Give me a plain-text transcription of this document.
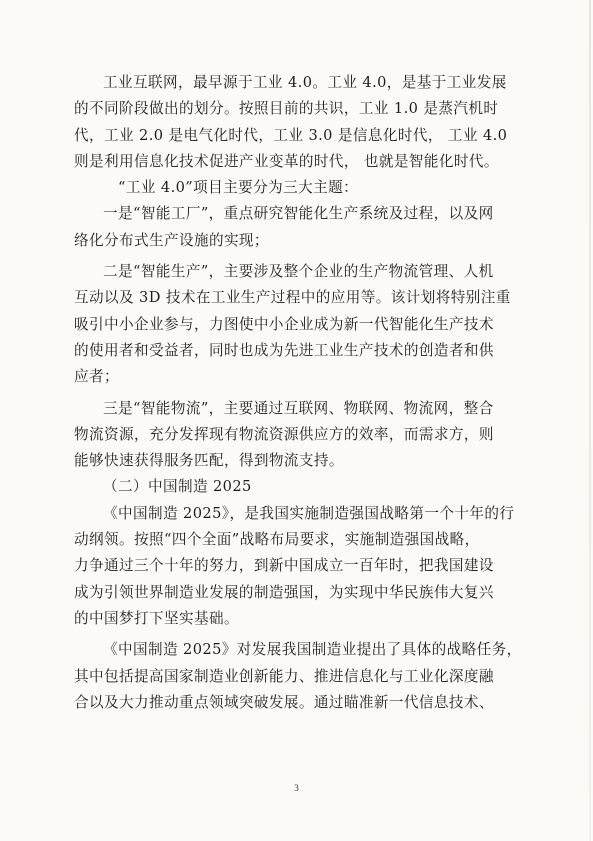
工业互联网，最早源于工业 4.0。工业 4.0，是基于工业发展
的不同阶段做出的划分。按照目前的共识，工业 1.0 是蒸汽机时
代，工业 2.0 是电气化时代，工业 3.0 是信息化时代， 工业 4.0
则是利用信息化技术促进产业变革的时代， 也就是智能化时代。
“工业 4.0”项目主要分为三大主题：
一是“智能工厂”，重点研究智能化生产系统及过程，以及网
络化分布式生产设施的实现；
二是“智能生产”，主要涉及整个企业的生产物流管理、人机
互动以及 3D 技术在工业生产过程中的应用等。该计划将特别注重
吸引中小企业参与，力图使中小企业成为新一代智能化生产技术
的使用者和受益者，同时也成为先进工业生产技术的创造者和供
应者；
三是“智能物流”，主要通过互联网、物联网、物流网，整合
物流资源，充分发挥现有物流资源供应方的效率，而需求方，则
能够快速获得服务匹配，得到物流支持。
（二）中国制造 2025
《中国制造 2025》，是我国实施制造强国战略第一个十年的行
动纲领。按照“四个全面”战略布局要求，实施制造强国战略，
力争通过三个十年的努力，到新中国成立一百年时，把我国建设
成为引领世界制造业发展的制造强国，为实现中华民族伟大复兴
的中国梦打下坚实基础。
《中国制造 2025》对发展我国制造业提出了具体的战略任务，
其中包括提高国家制造业创新能力、推进信息化与工业化深度融
合以及大力推动重点领域突破发展。通过瞄准新一代信息技术、
3
